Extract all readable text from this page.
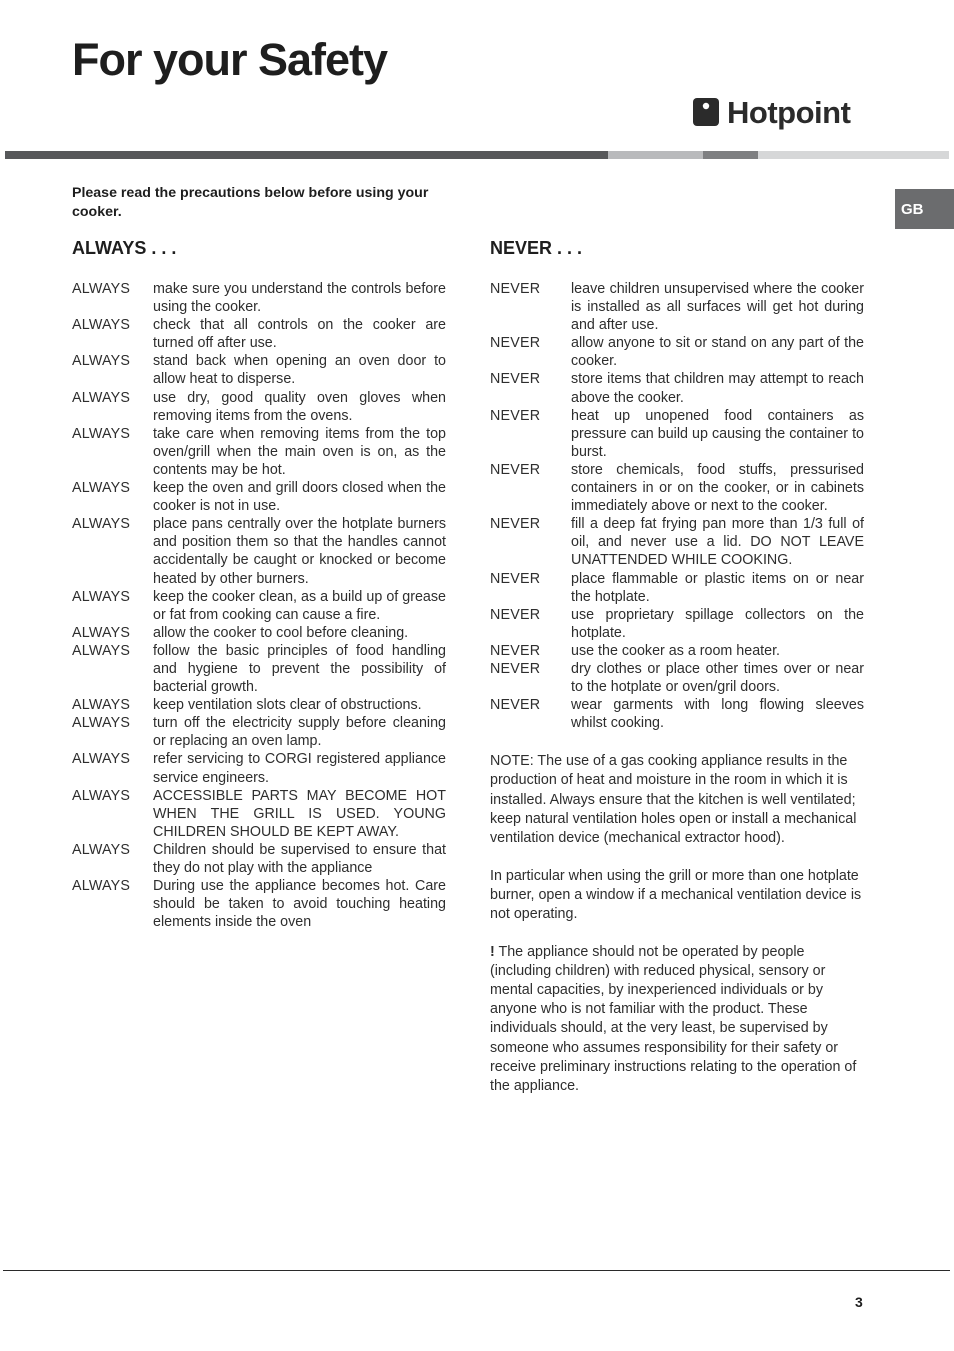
For your Safety
Hotpoint
GB

Please read the precautions below before using your cooker.

ALWAYS . . .	NEVER . . .
ALWAYS	make sure you understand the controls before using the cooker.
ALWAYS	check that all controls on the cooker are turned off after use.
ALWAYS	stand back when opening an oven door to allow heat to disperse.
ALWAYS	use dry, good quality oven gloves when removing items from the ovens.
ALWAYS	take care when removing items from the top oven/grill when the main oven is on, as the contents may be hot.
ALWAYS	keep the oven and grill doors closed when the cooker is not in use.
ALWAYS	place pans centrally over the hotplate burners and position them so that the handles cannot accidentally be caught or knocked or become heated by other burners.
ALWAYS	keep the cooker clean, as a build up of grease or fat from cooking can cause a fire.
ALWAYS	allow the cooker to cool before cleaning.
ALWAYS	follow the basic principles of food handling and hygiene to prevent the possibility of bacterial growth.
ALWAYS	keep ventilation slots clear of obstructions.
ALWAYS	turn off the electricity supply before cleaning or replacing an oven lamp.
ALWAYS	refer servicing to CORGI registered appliance service engineers.
ALWAYS	ACCESSIBLE PARTS MAY BECOME HOT WHEN THE GRILL IS USED. YOUNG CHILDREN SHOULD BE KEPT AWAY.
ALWAYS	Children should be supervised to ensure that they do not play with the appliance
ALWAYS	During use the appliance becomes hot. Care should be taken to avoid touching heating elements inside the oven
NEVER	leave children unsupervised where the cooker is installed as all surfaces will get hot during and after use.
NEVER	allow anyone to sit or stand on any part of the cooker.
NEVER	store items that children may attempt to reach above the cooker.
NEVER	heat up unopened food containers as pressure can build up causing the container to burst.
NEVER	store chemicals, food stuffs, pressurised containers in or on the cooker, or in cabinets immediately above or next to the cooker.
NEVER	fill a deep fat frying pan more than 1/3 full of oil, and never use a lid. DO NOT LEAVE UNATTENDED WHILE COOKING.
NEVER	place flammable or plastic items on or near the hotplate.
NEVER	use proprietary spillage collectors on the hotplate.
NEVER	use the cooker as a room heater.
NEVER	dry clothes or place other times over or near to the hotplate or oven/gril doors.
NEVER	wear garments with long flowing sleeves whilst cooking.

NOTE: The use of a gas cooking appliance results in the production of heat and moisture in the room in which it is installed. Always ensure that the kitchen is well ventilated; keep natural ventilation holes open or install a mechanical ventilation device (mechanical extractor hood).

In particular when using the grill or more than one hotplate burner, open a window if a mechanical ventilation device is not operating.

! The appliance should not be operated by people (including children) with reduced physical, sensory or mental capacities, by inexperienced individuals or by anyone who is not familiar with the product. These individuals should, at the very least, be supervised by someone who assumes responsibility for their safety or receive preliminary instructions relating to the operation of the appliance.

3
